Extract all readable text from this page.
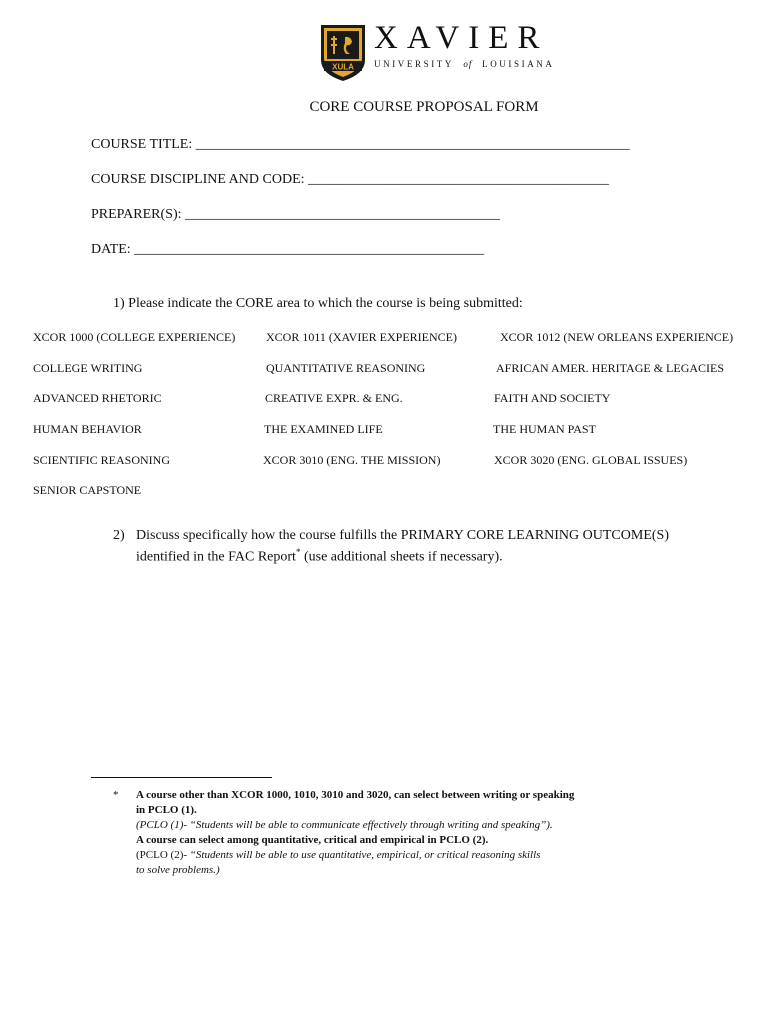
XULA
XAVIER
UNIVERSITY of LOUISIANA
CORE COURSE PROPOSAL FORM
COURSE TITLE: ______________________________________________________________
COURSE DISCIPLINE AND CODE: ___________________________________________
PREPARER(S): _____________________________________________
DATE: __________________________________________________
1) Please indicate the CORE area to which the course is being submitted:
XCOR 1000 (COLLEGE EXPERIENCE)	XCOR 1011 (XAVIER EXPERIENCE)	XCOR 1012 (NEW ORLEANS EXPERIENCE)
COLLEGE WRITING	QUANTITATIVE REASONING	AFRICAN AMER. HERITAGE & LEGACIES
ADVANCED RHETORIC	CREATIVE EXPR. & ENG.	FAITH AND SOCIETY
HUMAN BEHAVIOR	THE EXAMINED LIFE	THE HUMAN PAST
SCIENTIFIC REASONING	XCOR 3010 (ENG. THE MISSION)	XCOR 3020 (ENG. GLOBAL ISSUES)
SENIOR CAPSTONE
2) Discuss specifically how the course fulfills the PRIMARY CORE LEARNING OUTCOME(S)
identified in the FAC Report* (use additional sheets if necessary).
* A course other than XCOR 1000, 1010, 3010 and 3020, can select between writing or speaking
in PCLO (1).
(PCLO (1)- “Students will be able to communicate effectively through writing and speaking”).
A course can select among quantitative, critical and empirical in PCLO (2).
(PCLO (2)- “Students will be able to use quantitative, empirical, or critical reasoning skills
to solve problems.)
